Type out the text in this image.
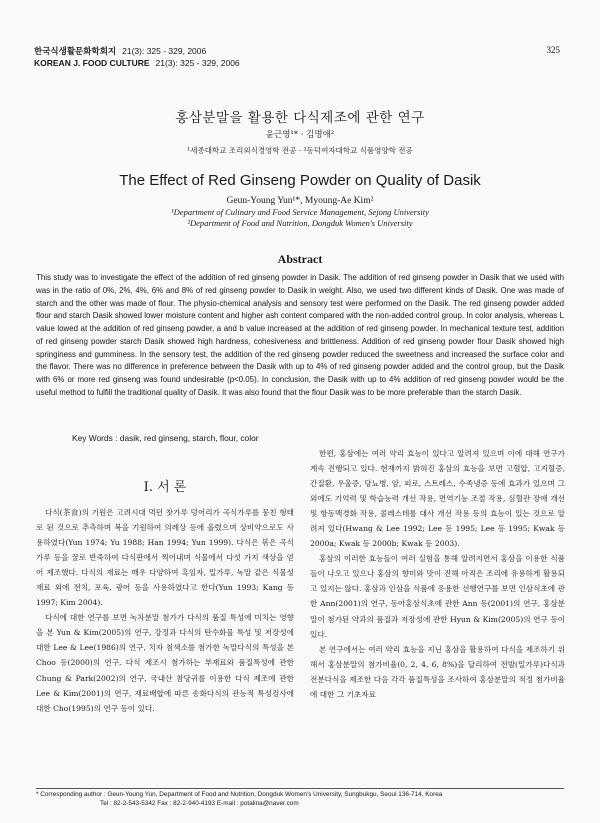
한국식생활문화학회지 21(3): 325 - 329, 2006
KOREAN J. FOOD CULTURE 21(3): 325 - 329, 2006
325
홍삼분말을 활용한 다식제조에 관한 연구
윤근영¹* · 김명애²
¹세종대학교 조리외식경영학 전공 · ²동덕여자대학교 식품영양학 전공
The Effect of Red Ginseng Powder on Quality of Dasik
Geun-Young Yun¹*, Myoung-Ae Kim²
¹Department of Culinary and Food Service Management, Sejong University
²Department of Food and Nutrition, Dongduk Women's University
Abstract
This study was to investigate the effect of the addition of red ginseng powder in Dasik. The addition of red ginseng powder in Dasik that we used with was in the ratio of 0%, 2%, 4%, 6% and 8% of red ginseng powder to Dasik in weight. Also, we used two different kinds of Dasik. One was made of starch and the other was made of flour. The physio-chemical analysis and sensory test were performed on the Dasik. The red ginseng powder added flour and starch Dasik showed lower moisture content and higher ash content compared with the non-added control group. In color analysis, whereas L value lowed at the addition of red ginseng powder, a and b value increased at the addition of red ginseng powder. In mechanical texture test, addition of red ginseng powder starch Dasik showed high hardness, cohesiveness and brittleness. Addition of red ginseng powder flour Dasik showed high springiness and gumminess. In the sensory test, the addition of the red ginseng powder reduced the sweetness and increased the surface color and the flavor. There was no difference in preference between the Dasik with up to 4% of red ginseng powder added and the control group, but the Dasik with 6% or more red ginseng was found undesirable (p<0.05). In conclusion, the Dasik with up to 4% addition of red ginseng powder would be the useful method to fulfill the traditional quality of Dasik. It was also found that the flour Dasik was to be more preferable than the starch Dasik.
Key Words : dasik, red ginseng, starch, flour, color
Ⅰ. 서 론

다식(茶食)의 기원은 고려시대 먹던 찻가루 덩어리가 곡식가루를 뭉친 형태로 된 것으로 추측하며 복을 기원하여 의례상 등에 올렸으며 상비약으로도 사용하였다(Yun 1974; Yu 1988; Han 1994; Yun 1999). 다식은 볶은 곡식가루 등을 꿀로 반죽하여 다식판에서 찍어내며 식물에서 다섯 가지 색상을 얻어 제조했다. 다식의 재료는 매우 다양하여 흑임자, 밀가루, 녹말 같은 식물성 재료 외에 전치, 포육, 광어 등을 사용하였다고 한다(Yun 1993; Kang 등 1997; Kim 2004).

다식에 대한 연구를 보면 녹차분말 첨가가 다식의 품질 특성에 미치는 영향을 본 Yun & Kim(2005)의 연구, 강정과 다식의 탄수화물 특성 및 저장성에 대한 Lee & Lee(1986)의 연구, 치자 첨색소를 첨가한 녹말다식의 특성을 본 Choo 등(2000)의 연구, 다식 제조시 첨가하는 부재료와 품질특성에 관한 Chung & Park(2002)의 연구, 국내산 참당귀를 이용한 다식 제조에 관한 Lee & Kim(2001)의 연구, 재료배합에 따른 송화다식의 관능적 특성검사에 대한 Cho(1995)의 연구 등이 있다.

한편, 홍삼에는 여러 약리 효능이 있다고 알려져 있으며 이에 대해 연구가 계속 진행되고 있다. 현재까지 밝혀진 홍삼의 효능을 보면 고혈압, 고지혈증, 간질환, 우울증, 당뇨병, 암, 피로, 스트레스, 수족냉증 등에 효과가 있으며 그외에도 기억력 및 학습능력 개선 작용, 면역기능 조절 작용, 심혈관 장애 개선 및 항동맥경화 작용, 콜레스테롤 대사 개선 작용 등의 효능이 있는 것으로 알려져 있다(Hwang & Lee 1992; Lee 등 1995; Lee 등 1995; Kwak 등 2000a; Kwak 등 2000b; Kwak 등 2003).

홍삼의 이러한 효능들이 여러 실험을 통해 알려지면서 홍삼을 이용한 식품들이 나오고 있으나 홍삼의 향미와 맛이 진해 아직은 조리에 유용하게 활용되고 있지는 않다. 홍삼과 인삼을 식품에 응용한 선행연구를 보면 인삼식초에 관한 Ann(2001)의 연구, 동아홍삼식초에 관한 Ann 등(2001)의 연구, 홍삼분말이 첨가된 약과의 품질과 저장성에 관한 Hyun & Kim(2005)의 연구 등이 있다.

본 연구에서는 여러 약리 효능을 지닌 홍삼을 활용하여 다식을 제조하기 위해서 홍삼분말의 첨가비율(0, 2, 4, 6, 8%)을 달리하여 전발(밀가루)다식과 전분다식을 제조한 다음 각각 품질특성을 조사하여 홍삼분말의 적정 첨가비율에 대한 그 기초자료

* Corresponding author : Geun-Young Yun, Department of Food and Nutrition, Dongduk Women's University, Sungbukgu, Seoul 136-714, Korea
Tel : 82-2-543-5342 Fax : 82-2-940-4193 E-mail : potalina@naver.com
